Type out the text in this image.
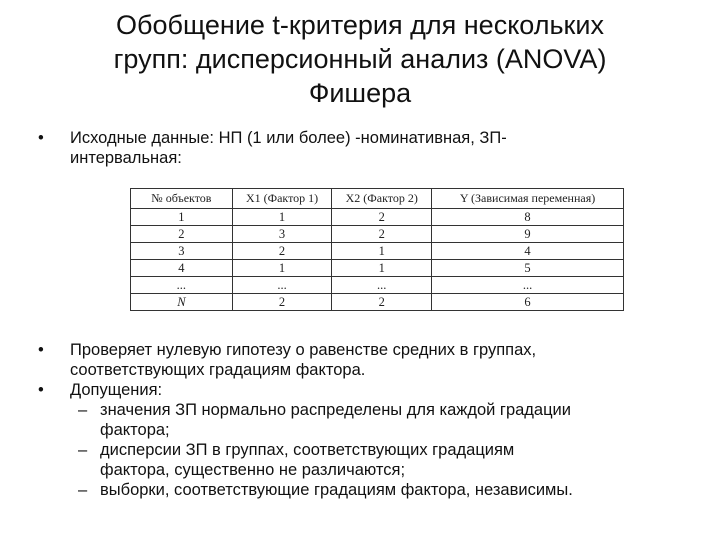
Обобщение t-критерия для нескольких
групп: дисперсионный анализ (ANOVA)
Фишера
• Исходные данные: НП (1 или более) -номинативная, ЗП-
интервальная:
№ объектов	X1 (Фактор 1)	X2 (Фактор 2)	Y (Зависимая переменная)
1	1	2	8
2	3	2	9
3	2	1	4
4	1	1	5
...	...	...	...
N	2	2	6
• Проверяет нулевую гипотезу о равенстве средних в группах,
соответствующих градациям фактора.
• Допущения:
– значения ЗП нормально распределены для каждой градации
фактора;
– дисперсии ЗП в группах, соответствующих градациям
фактора, существенно не различаются;
– выборки, соответствующие градациям фактора, независимы.
